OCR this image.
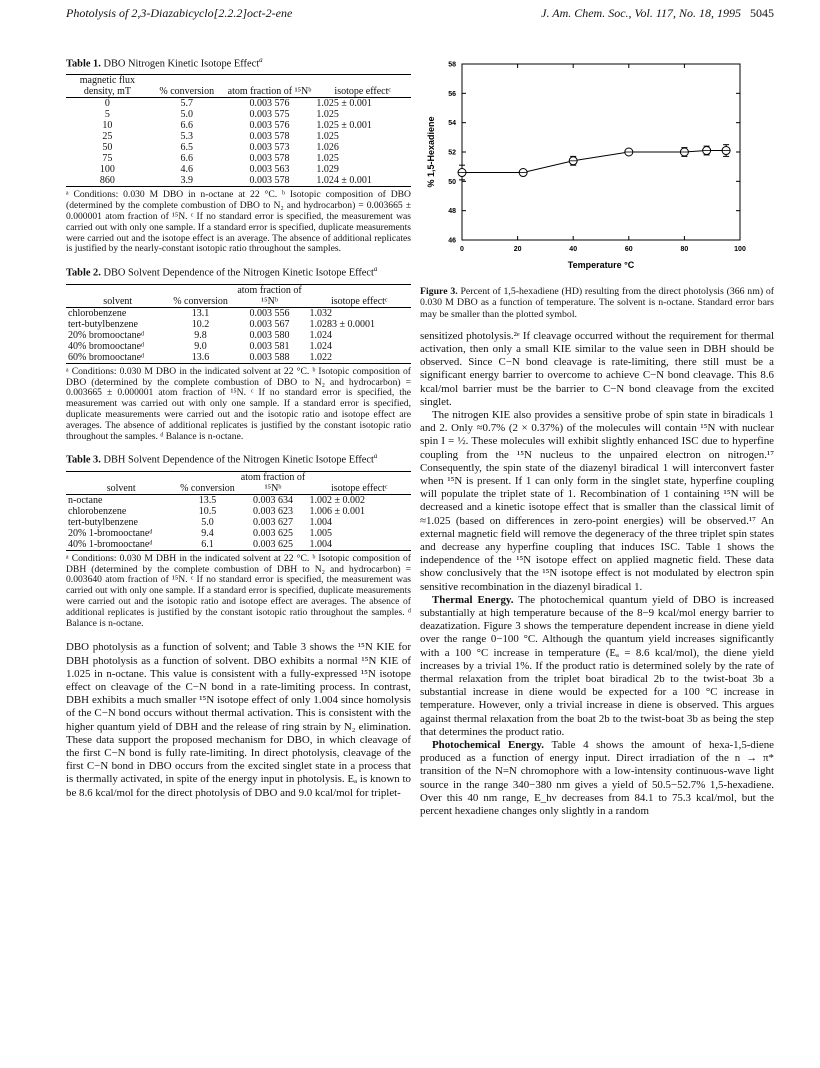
Photolysis of 2,3-Diazabicyclo[2.2.2]oct-2-ene	J. Am. Chem. Soc., Vol. 117, No. 18, 1995 5045
Table 1. DBO Nitrogen Kinetic Isotope Effect$^a$
magnetic flux density, mT	% conversion	atom fraction of ¹⁵Nᵇ	isotope effectᶜ
0	5.7	0.003 576	1.025 ± 0.001
5	5.0	0.003 575	1.025
10	6.6	0.003 576	1.025 ± 0.001
25	5.3	0.003 578	1.025
50	6.5	0.003 573	1.026
75	6.6	0.003 578	1.025
100	4.6	0.003 563	1.029
860	3.9	0.003 578	1.024 ± 0.001
ᵃ Conditions: 0.030 M DBO in n-octane at 22 °C. ᵇ Isotopic composition of DBO (determined by the complete combustion of DBO to N₂ and hydrocarbon) = 0.003665 ± 0.000001 atom fraction of ¹⁵N. ᶜ If no standard error is specified, the measurement was carried out with only one sample. If a standard error is specified, duplicate measurements were carried out and the isotope effect is an average. The absence of additional replicates is justified by the nearly-constant isotopic ratio throughout the samples.
Table 2. DBO Solvent Dependence of the Nitrogen Kinetic Isotope Effect$^a$
solvent	% conversion	atom fraction of ¹⁵Nᵇ	isotope effectᶜ
chlorobenzene	13.1	0.003 556	1.032
tert-butylbenzene	10.2	0.003 567	1.0283 ± 0.0001
20% bromooctaneᵈ	9.8	0.003 580	1.024
40% bromooctaneᵈ	9.0	0.003 581	1.024
60% bromooctaneᵈ	13.6	0.003 588	1.022
ᵃ Conditions: 0.030 M DBO in the indicated solvent at 22 °C. ᵇ Isotopic composition of DBO (determined by the complete combustion of DBO to N₂ and hydrocarbon) = 0.003665 ± 0.000001 atom fraction of ¹⁵N. ᶜ If no standard error is specified, the measurement was carried out with only one sample. If a standard error is specified, duplicate measurements were carried out and the isotopic ratio and isotope effect are averages. The absence of additional replicates is justified by the constant isotopic ratio throughout the samples. ᵈ Balance is n-octane.
Table 3. DBH Solvent Dependence of the Nitrogen Kinetic Isotope Effect$^a$
solvent	% conversion	atom fraction of ¹⁵Nᵇ	isotope effectᶜ
n-octane	13.5	0.003 634	1.002 ± 0.002
chlorobenzene	10.5	0.003 623	1.006 ± 0.001
tert-butylbenzene	5.0	0.003 627	1.004
20% 1-bromooctaneᵈ	9.4	0.003 625	1.005
40% 1-bromooctaneᵈ	6.1	0.003 625	1.004
ᵃ Conditions: 0.030 M DBH in the indicated solvent at 22 °C. ᵇ Isotopic composition of DBH (determined by the complete combustion of DBH to N₂ and hydrocarbon) = 0.003640 atom fraction of ¹⁵N. ᶜ If no standard error is specified, the measurement was carried out with only one sample. If a standard error is specified, duplicate measurements were carried out and the isotopic ratio and isotope effect are averages. The absence of additional replicates is justified by the constant isotopic ratio throughout the samples. ᵈ Balance is n-octane.

DBO photolysis as a function of solvent; and Table 3 shows the ¹⁵N KIE for DBH photolysis as a function of solvent. DBO exhibits a normal ¹⁵N KIE of 1.025 in n-octane. This value is consistent with a fully-expressed ¹⁵N isotope effect on cleavage of the C−N bond in a rate-limiting process. In contrast, DBH exhibits a much smaller ¹⁵N isotope effect of only 1.004 since homolysis of the C−N bond occurs without thermal activation. This is consistent with the higher quantum yield of DBH and the release of ring strain by N₂ elimination. These data support the proposed mechanism for DBO, in which cleavage of the first C−N bond is fully rate-limiting. In direct photolysis, cleavage of the first C−N bond in DBO occurs from the excited singlet state in a process that is thermally activated, in spite of the energy input in photolysis. Eₐ is known to be 8.6 kcal/mol for the direct photolysis of DBO and 9.0 kcal/mol for triplet-

0	20	40	60	80	100
46
48
50
52
54
56
58
Temperature °C
% 1,5-Hexadiene
Figure 3. Percent of 1,5-hexadiene (HD) resulting from the direct photolysis (366 nm) of 0.030 M DBO as a function of temperature. The solvent is n-octane. Standard error bars may be smaller than the plotted symbol.

sensitized photolysis.²ᵉ If cleavage occurred without the requirement for thermal activation, then only a small KIE similar to the value seen in DBH should be observed. Since C−N bond cleavage is rate-limiting, there still must be a significant energy barrier to overcome to achieve C−N bond cleavage. This 8.6 kcal/mol barrier must be the barrier to C−N bond cleavage from the excited singlet.

The nitrogen KIE also provides a sensitive probe of spin state in biradicals 1 and 2. Only ≈0.7% (2 × 0.37%) of the molecules will contain ¹⁵N with nuclear spin I = ½. These molecules will exhibit slightly enhanced ISC due to hyperfine coupling from the ¹⁵N nucleus to the unpaired electron on nitrogen.¹⁷ Consequently, the spin state of the diazenyl biradical 1 will interconvert faster when ¹⁵N is present. If 1 can only form in the singlet state, hyperfine coupling will populate the triplet state of 1. Recombination of 1 containing ¹⁵N will be decreased and a kinetic isotope effect that is smaller than the classical limit of ≈1.025 (based on differences in zero-point energies) will be observed.¹⁷ An external magnetic field will remove the degeneracy of the three triplet spin states and decrease any hyperfine coupling that induces ISC. Table 1 shows the independence of the ¹⁵N isotope effect on applied magnetic field. These data show conclusively that the ¹⁵N isotope effect is not modulated by electron spin sensitive recombination in the diazenyl biradical 1.

Thermal Energy. The photochemical quantum yield of DBO is increased substantially at high temperature because of the 8−9 kcal/mol energy barrier to deazatization. Figure 3 shows the temperature dependent increase in diene yield over the range 0−100 °C. Although the quantum yield increases significantly with a 100 °C increase in temperature (Eₐ = 8.6 kcal/mol), the diene yield increases by a trivial 1%. If the product ratio is determined solely by the rate of thermal relaxation from the triplet boat biradical 2b to the twist-boat 3b a substantial increase in diene would be expected for a 100 °C increase in temperature. However, only a trivial increase in diene is observed. This argues against thermal relaxation from the boat 2b to the twist-boat 3b as being the step that determines the product ratio.

Photochemical Energy. Table 4 shows the amount of hexa-1,5-diene produced as a function of energy input. Direct irradiation of the n → π* transition of the N=N chromophore with a low-intensity continuous-wave light source in the range 340−380 nm gives a yield of 50.5−52.7% 1,5-hexadiene. Over this 40 nm range, E_hν decreases from 84.1 to 75.3 kcal/mol, but the percent hexadiene changes only slightly in a random
